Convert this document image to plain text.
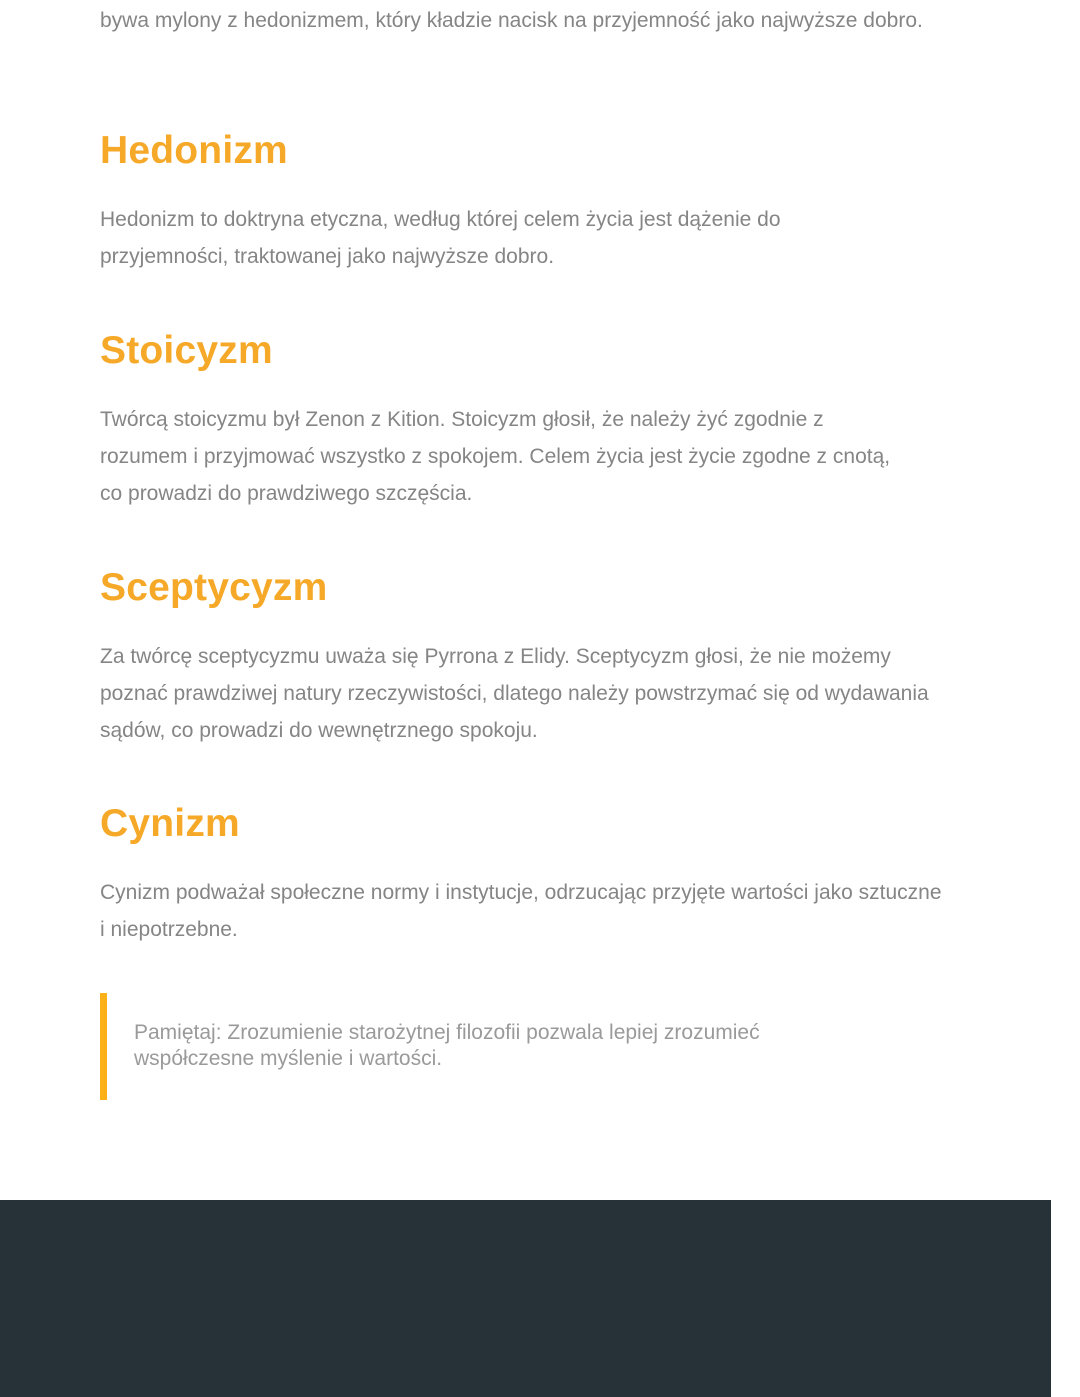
bywa mylony z hedonizmem, który kładzie nacisk na przyjemność jako najwyższe dobro.

Hedonizm

Hedonizm to doktryna etyczna, według której celem życia jest dążenie do przyjemności, traktowanej jako najwyższe dobro.

Stoicyzm

Twórcą stoicyzmu był Zenon z Kition. Stoicyzm głosił, że należy żyć zgodnie z rozumem i przyjmować wszystko z spokojem. Celem życia jest życie zgodne z cnotą, co prowadzi do prawdziwego szczęścia.

Sceptycyzm

Za twórcę sceptycyzmu uważa się Pyrrona z Elidy. Sceptycyzm głosi, że nie możemy poznać prawdziwej natury rzeczywistości, dlatego należy powstrzymać się od wydawania sądów, co prowadzi do wewnętrznego spokoju.

Cynizm

Cynizm podważał społeczne normy i instytucje, odrzucając przyjęte wartości jako sztuczne i niepotrzebne.

Pamiętaj: Zrozumienie starożytnej filozofii pozwala lepiej zrozumieć współczesne myślenie i wartości.
